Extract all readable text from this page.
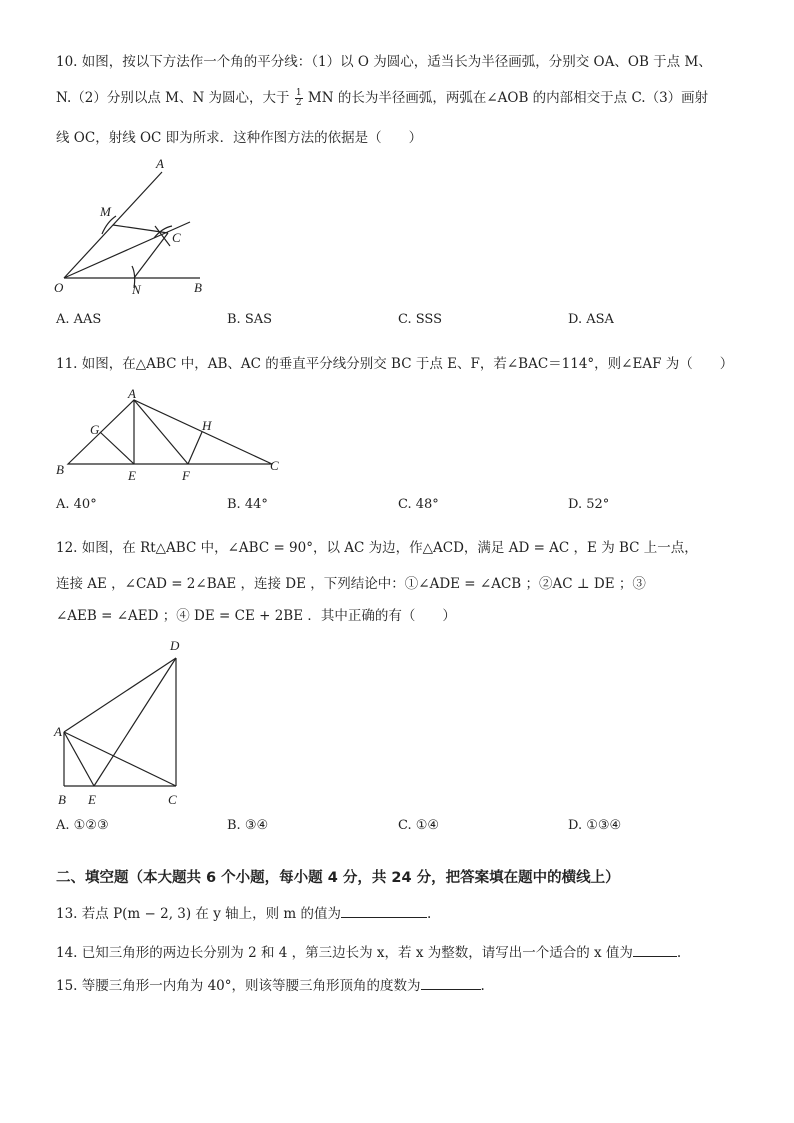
10. 如图，按以下方法作一个角的平分线：（1）以 O 为圆心，适当长为半径画弧，分别交 OA、OB 于点 M、
N.（2）分别以点 M、N 为圆心，大于 $\frac{1}{2}$ MN 的长为半径画弧，两弧在∠AOB 的内部相交于点 C.（3）画射
线 OC，射线 OC 即为所求．这种作图方法的依据是（　　）
A
M
C
O	N	B
A. AAS	B. SAS	C. SSS	D. ASA
11. 如图，在△ABC 中，AB、AC 的垂直平分线分别交 BC 于点 E、F，若∠BAC＝114°，则∠EAF 为（　　）
A
G	H
B	E	F
C
A. 40°	B. 44°	C. 48°	D. 52°
12. 如图，在 Rt△ABC 中，∠ABC = 90°，以 AC 为边，作△ACD，满足 AD = AC ，E 为 BC 上一点，
连接 AE ，∠CAD = 2∠BAE ，连接 DE ，下列结论中：①∠ADE = ∠ACB ；②AC ⊥ DE ；③
∠AEB = ∠AED ；④ DE = CE + 2BE ．其中正确的有（　　）
D
A
B E	C
A. ①②③	B. ③④	C. ①④	D. ①③④
二、填空题（本大题共 6 个小题，每小题 4 分，共 24 分，把答案填在题中的横线上）
13. 若点 P(m − 2, 3) 在 y 轴上，则 m 的值为	.
14. 已知三角形的两边长分别为 2 和 4 ，第三边长为 x，若 x 为整数，请写出一个适合的 x 值为	.
15. 等腰三角形一内角为 40°，则该等腰三角形顶角的度数为	.
